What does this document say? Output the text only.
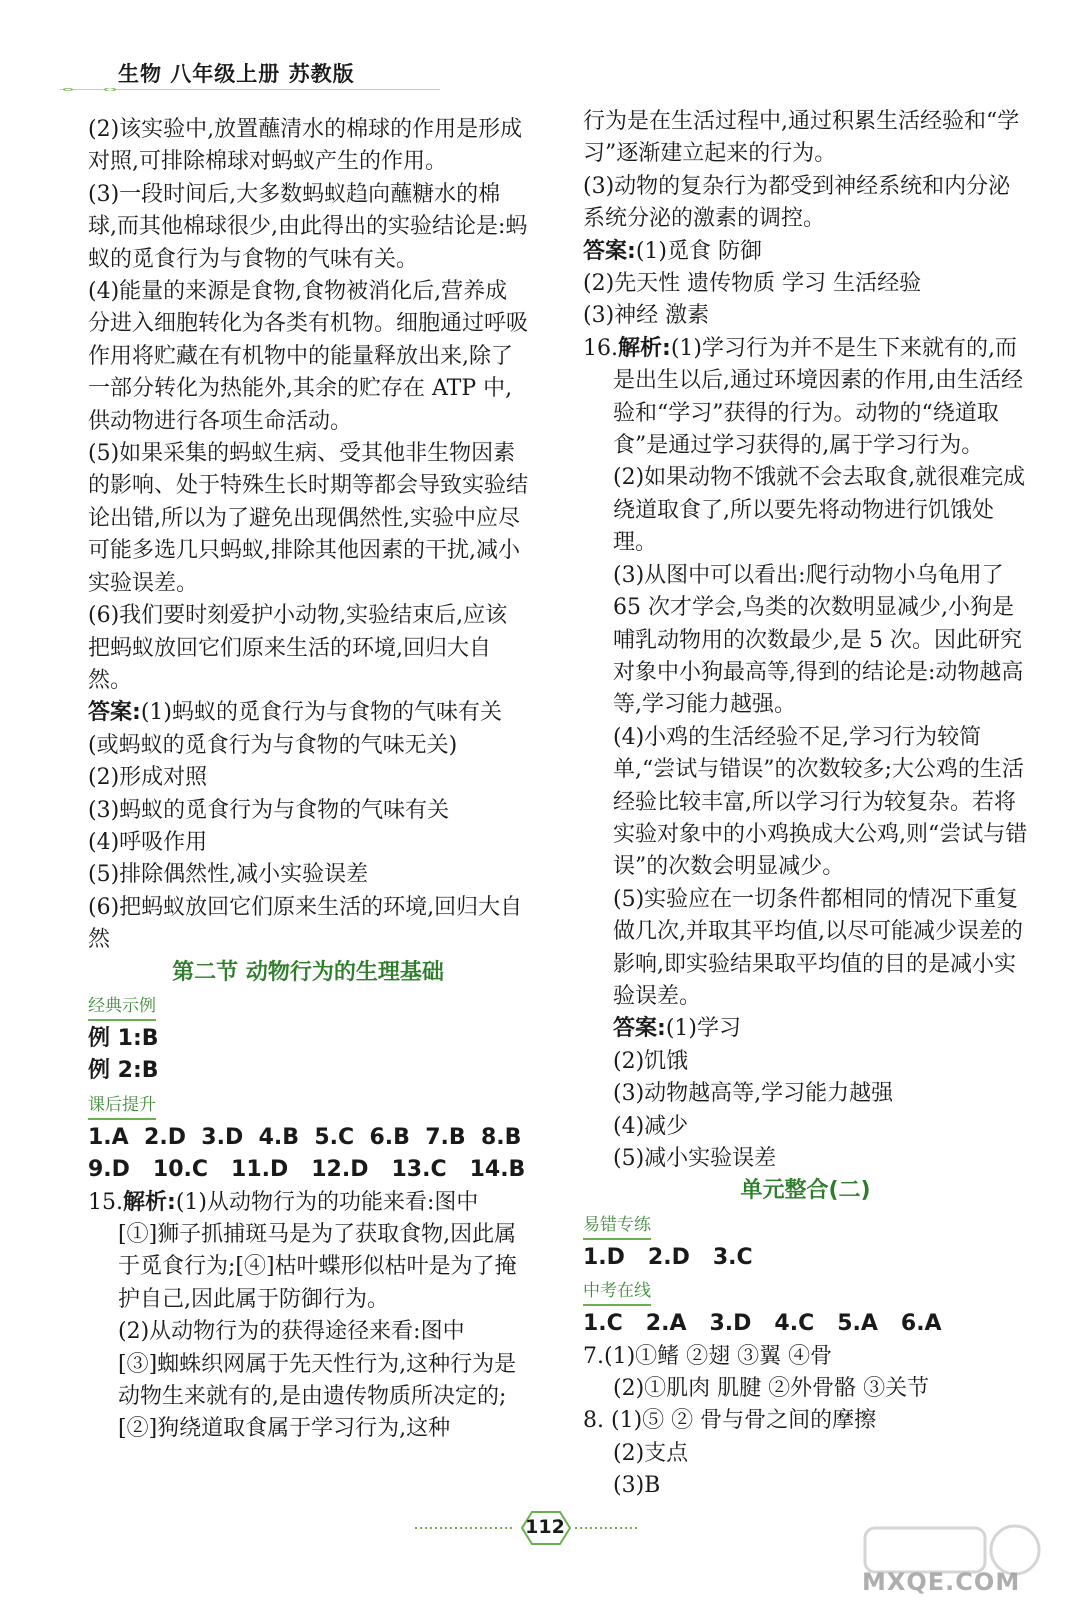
生物 八年级上册 苏教版

(2)该实验中,放置蘸清水的棉球的作用是形成对照,可排除棉球对蚂蚁产生的作用。

(3)一段时间后,大多数蚂蚁趋向蘸糖水的棉球,而其他棉球很少,由此得出的实验结论是:蚂蚁的觅食行为与食物的气味有关。

(4)能量的来源是食物,食物被消化后,营养成分进入细胞转化为各类有机物。细胞通过呼吸作用将贮藏在有机物中的能量释放出来,除了一部分转化为热能外,其余的贮存在 ATP 中,供动物进行各项生命活动。

(5)如果采集的蚂蚁生病、受其他非生物因素的影响、处于特殊生长时期等都会导致实验结论出错,所以为了避免出现偶然性,实验中应尽可能多选几只蚂蚁,排除其他因素的干扰,减小实验误差。

(6)我们要时刻爱护小动物,实验结束后,应该把蚂蚁放回它们原来生活的环境,回归大自然。

答案:(1)蚂蚁的觅食行为与食物的气味有关(或蚂蚁的觅食行为与食物的气味无关)

(2)形成对照

(3)蚂蚁的觅食行为与食物的气味有关

(4)呼吸作用

(5)排除偶然性,减小实验误差

(6)把蚂蚁放回它们原来生活的环境,回归大自然

第二节 动物行为的生理基础

经典示例

例 1:B

例 2:B

课后提升

1.A 2.D 3.D 4.B 5.C 6.B 7.B 8.B

9.D 10.C 11.D 12.D 13.C 14.B

15.解析:(1)从动物行为的功能来看:图中

[①]狮子抓捕斑马是为了获取食物,因此属于觅食行为;[④]枯叶蝶形似枯叶是为了掩护自己,因此属于防御行为。

(2)从动物行为的获得途径来看:图中

[③]蜘蛛织网属于先天性行为,这种行为是动物生来就有的,是由遗传物质所决定的;[②]狗绕道取食属于学习行为,这种

行为是在生活过程中,通过积累生活经验和“学习”逐渐建立起来的行为。

(3)动物的复杂行为都受到神经系统和内分泌系统分泌的激素的调控。

答案:(1)觅食 防御

(2)先天性 遗传物质 学习 生活经验

(3)神经 激素

16.解析:(1)学习行为并不是生下来就有的,而是出生以后,通过环境因素的作用,由生活经验和“学习”获得的行为。动物的“绕道取食”是通过学习获得的,属于学习行为。

(2)如果动物不饿就不会去取食,就很难完成绕道取食了,所以要先将动物进行饥饿处理。

(3)从图中可以看出:爬行动物小乌龟用了 65 次才学会,鸟类的次数明显减少,小狗是哺乳动物用的次数最少,是 5 次。因此研究对象中小狗最高等,得到的结论是:动物越高等,学习能力越强。

(4)小鸡的生活经验不足,学习行为较简单,“尝试与错误”的次数较多;大公鸡的生活经验比较丰富,所以学习行为较复杂。若将实验对象中的小鸡换成大公鸡,则“尝试与错误”的次数会明显减少。

(5)实验应在一切条件都相同的情况下重复做几次,并取其平均值,以尽可能减少误差的影响,即实验结果取平均值的目的是减小实验误差。

答案:(1)学习

(2)饥饿

(3)动物越高等,学习能力越强

(4)减少

(5)减小实验误差

单元整合(二)

易错专练

1.D 2.D 3.C

中考在线

1.C 2.A 3.D 4.C 5.A 6.A

7.(1)①鳍 ②翅 ③翼 ④骨

(2)①肌肉 肌腱 ②外骨骼 ③关节

8. (1)⑤ ② 骨与骨之间的摩擦

(2)支点

(3)B

112
MXQE.COM
